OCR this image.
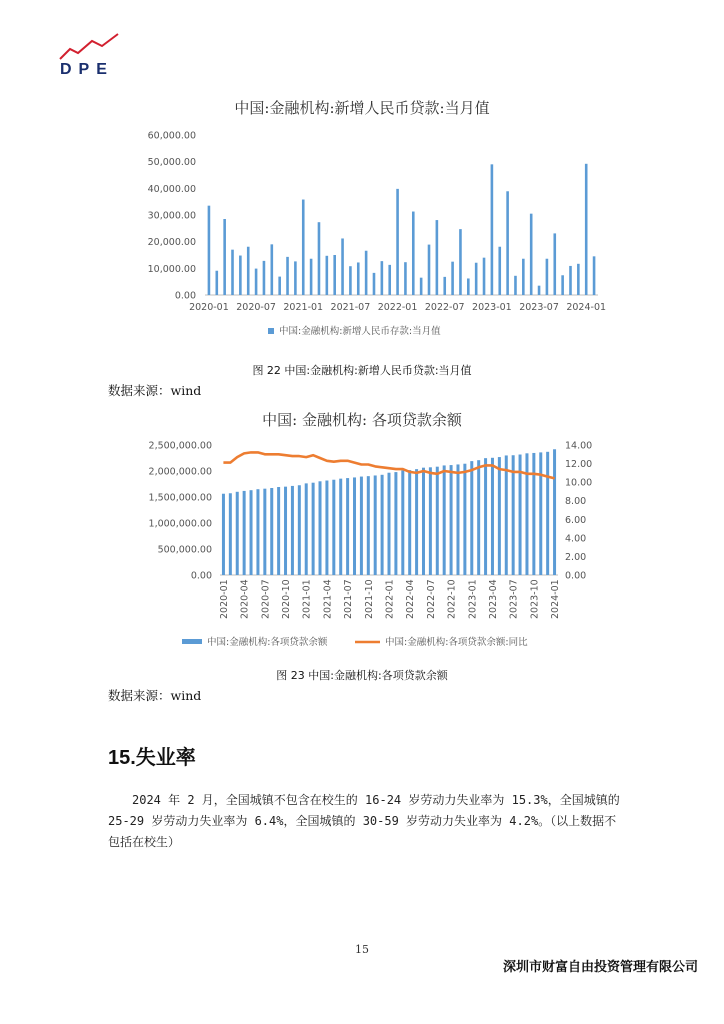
DPE
中国:金融机构:新增人民币贷款:当月值
0.00
10,000.00
20,000.00
30,000.00
40,000.00
50,000.00
60,000.00
2020-01 2020-07 2021-01 2021-07 2022-01 2022-07 2023-01 2023-07 2024-01
中国:金融机构:新增人民币存款:当月值
图 22 中国:金融机构:新增人民币贷款:当月值
数据来源：wind
中国: 金融机构: 各项贷款余额
0.00
500,000.00
1,000,000.00
1,500,000.00
2,000,000.00
2,500,000.00
0.00
2.00
4.00
6.00
8.00
10.00
12.00
14.00
2020-01 2020-04 2020-07 2020-10 2021-01 2021-04 2021-07 2021-10 2022-01 2022-04 2022-07 2022-10 2023-01 2023-04 2023-07 2023-10 2024-01
中国:金融机构:各项贷款余额	中国:金融机构:各项贷款余额:同比
图 23 中国:金融机构:各项贷款余额
数据来源：wind
15.失业率
2024 年 2 月，全国城镇不包含在校生的 16-24 岁劳动力失业率为 15.3%，全国城镇的 25-29 岁劳动力失业率为 6.4%，全国城镇的 30-59 岁劳动力失业率为 4.2%。（以上数据不包括在校生）
15
深圳市财富自由投资管理有限公司
